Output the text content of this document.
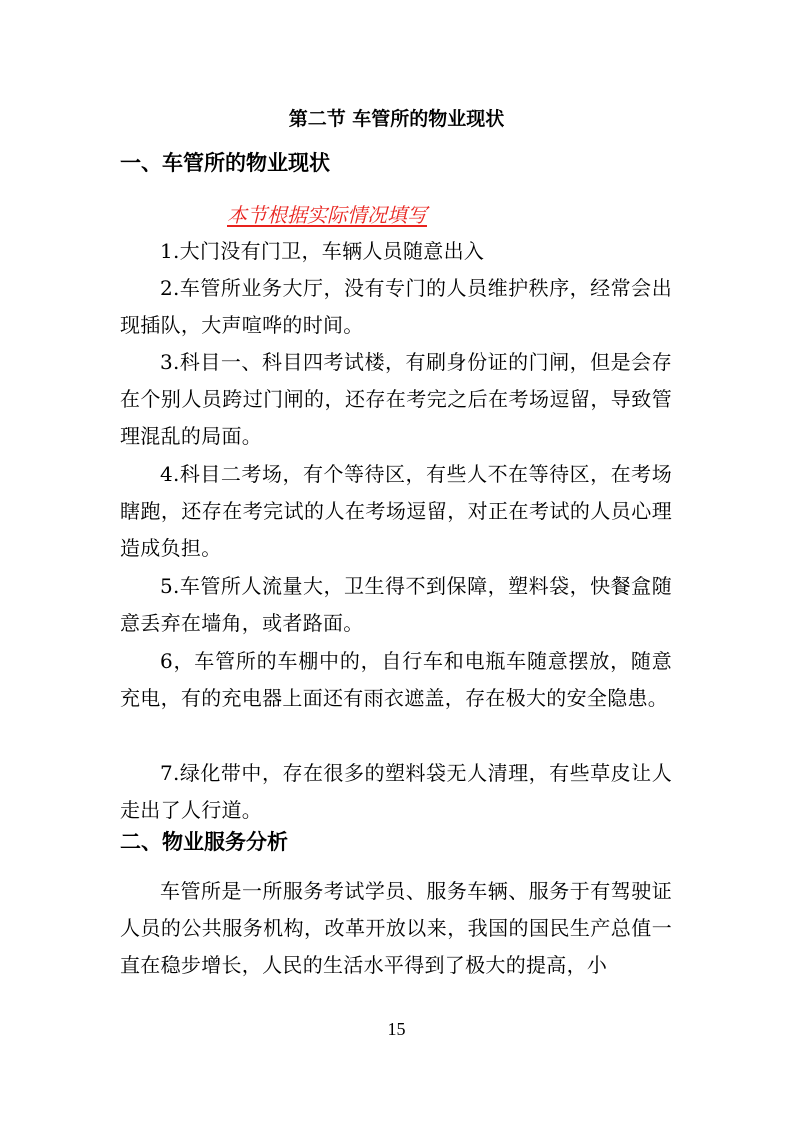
第二节 车管所的物业现状
一、车管所的物业现状
本节根据实际情况填写
1.大门没有门卫，车辆人员随意出入
2.车管所业务大厅，没有专门的人员维护秩序，经常会出现插队，大声喧哗的时间。
3.科目一、科目四考试楼，有刷身份证的门闸，但是会存在个别人员跨过门闸的，还存在考完之后在考场逗留，导致管理混乱的局面。
4.科目二考场，有个等待区，有些人不在等待区，在考场瞎跑，还存在考完试的人在考场逗留，对正在考试的人员心理造成负担。
5.车管所人流量大，卫生得不到保障，塑料袋，快餐盒随意丢弃在墙角，或者路面。
6，车管所的车棚中的，自行车和电瓶车随意摆放，随意充电，有的充电器上面还有雨衣遮盖，存在极大的安全隐患。
7.绿化带中，存在很多的塑料袋无人清理，有些草皮让人走出了人行道。
二、物业服务分析
车管所是一所服务考试学员、服务车辆、服务于有驾驶证人员的公共服务机构，改革开放以来，我国的国民生产总值一直在稳步增长，人民的生活水平得到了极大的提高，小
15
